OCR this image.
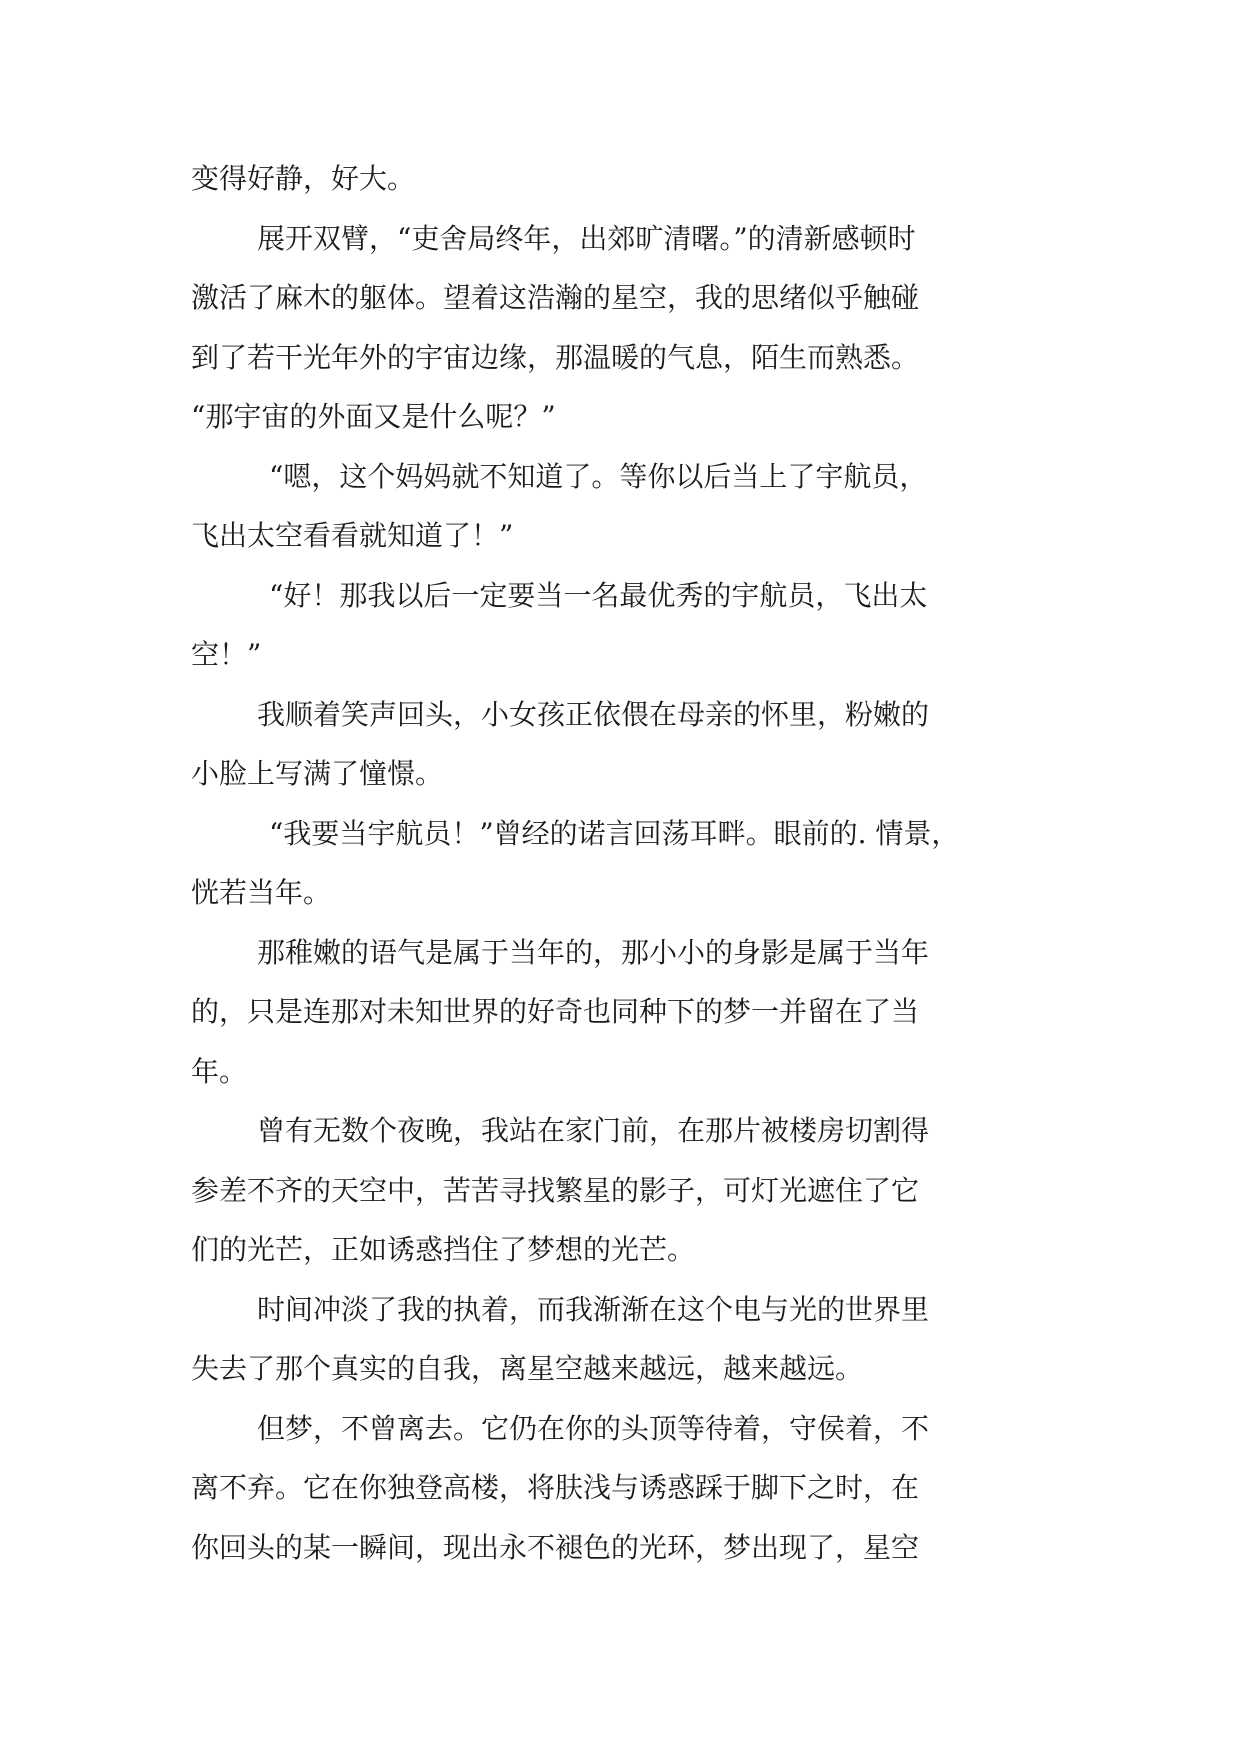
变得好静，好大。
展开双臂，“吏舍局终年，出郊旷清曙。”的清新感顿时
激活了麻木的躯体。望着这浩瀚的星空，我的思绪似乎触碰
到了若干光年外的宇宙边缘，那温暖的气息，陌生而熟悉。
“那宇宙的外面又是什么呢？”
“嗯，这个妈妈就不知道了。等你以后当上了宇航员，
飞出太空看看就知道了！”
“好！那我以后一定要当一名最优秀的宇航员，飞出太
空！”
我顺着笑声回头，小女孩正依偎在母亲的怀里，粉嫩的
小脸上写满了憧憬。
“我要当宇航员！”曾经的诺言回荡耳畔。眼前的. 情景，
恍若当年。
那稚嫩的语气是属于当年的，那小小的身影是属于当年
的，只是连那对未知世界的好奇也同种下的梦一并留在了当
年。
曾有无数个夜晚，我站在家门前，在那片被楼房切割得
参差不齐的天空中，苦苦寻找繁星的影子，可灯光遮住了它
们的光芒，正如诱惑挡住了梦想的光芒。
时间冲淡了我的执着，而我渐渐在这个电与光的世界里
失去了那个真实的自我，离星空越来越远，越来越远。
但梦，不曾离去。它仍在你的头顶等待着，守侯着，不
离不弃。它在你独登高楼，将肤浅与诱惑踩于脚下之时，在
你回头的某一瞬间，现出永不褪色的光环，梦出现了，星空
